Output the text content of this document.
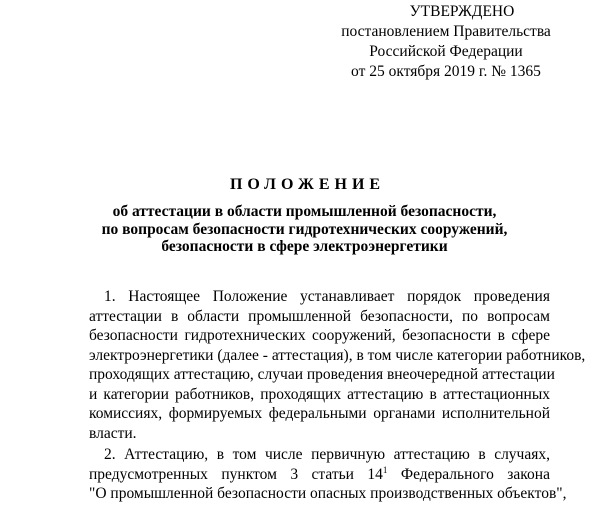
УТВЕРЖДЕНО
постановлением Правительства
Российской Федерации
от 25 октября 2019 г. № 1365
ПОЛОЖЕНИЕ
об аттестации в области промышленной безопасности,
по вопросам безопасности гидротехнических сооружений,
безопасности в сфере электроэнергетики
1. Настоящее Положение устанавливает порядок проведения
аттестации в области промышленной безопасности, по вопросам
безопасности гидротехнических сооружений, безопасности в сфере
электроэнергетики (далее - аттестация), в том числе категории работников,
проходящих аттестацию, случаи проведения внеочередной аттестации
и категории работников, проходящих аттестацию в аттестационных
комиссиях, формируемых федеральными органами исполнительной
власти.
2. Аттестацию, в том числе первичную аттестацию в случаях,
предусмотренных пунктом 3 статьи $14^1$ Федерального закона
"О промышленной безопасности опасных производственных объектов",
